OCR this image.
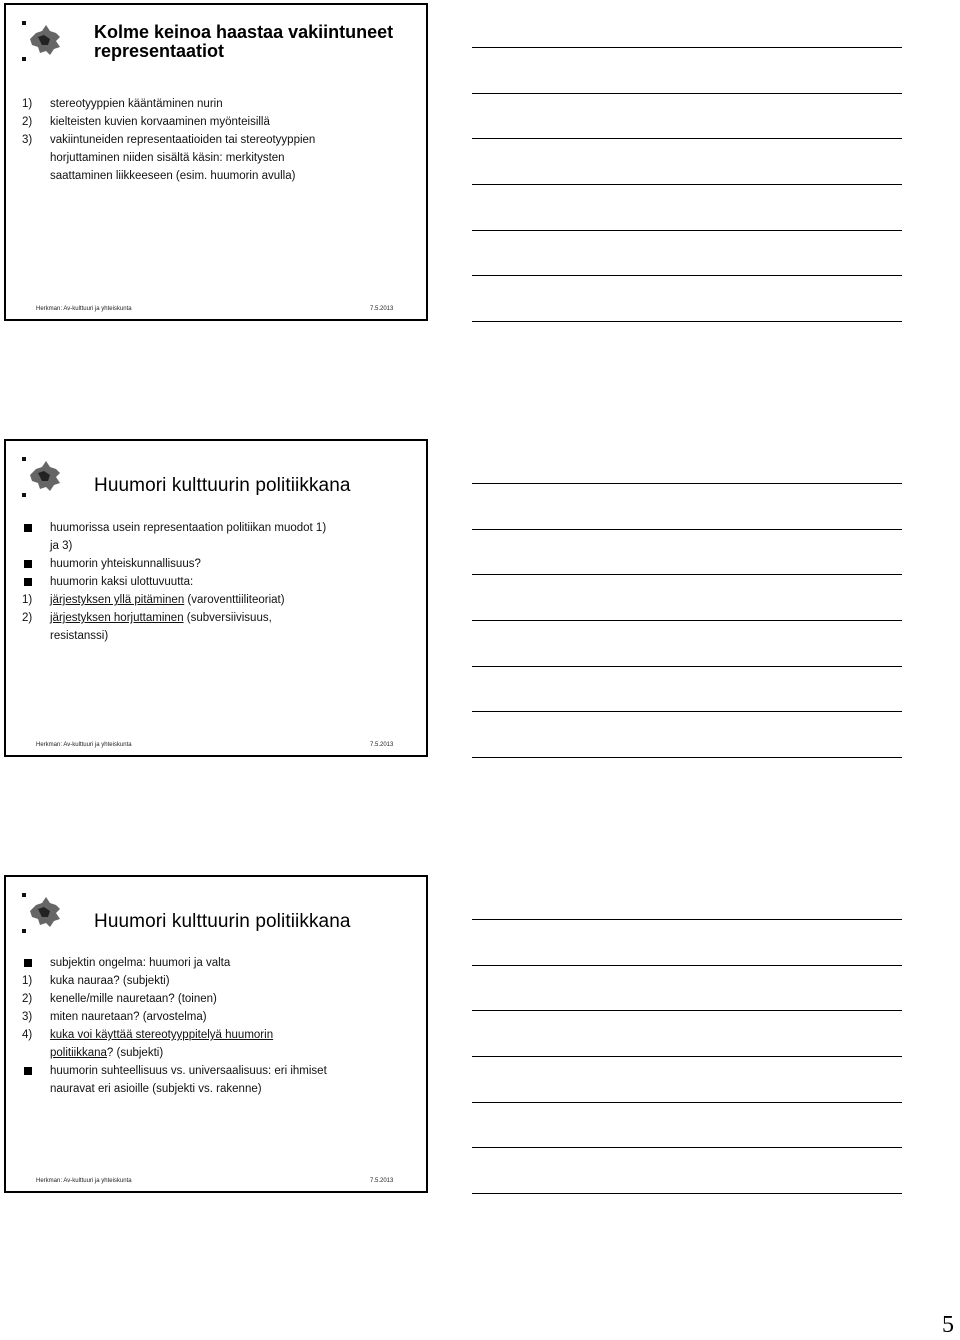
Kolme keinoa haastaa vakiintuneet representaatiot
1)	stereotyyppien kääntäminen nurin
2)	kielteisten kuvien korvaaminen myönteisillä
3)	vakiintuneiden representaatioiden tai stereotyyppien
horjuttaminen niiden sisältä käsin: merkitysten
saattaminen liikkeeseen (esim. huumorin avulla)
Herkman: Av-kulttuuri ja yhteiskunta	7.5.2013
Huumori kulttuurin politiikkana
huumorissa usein representaation politiikan muodot 1)
ja 3)
huumorin yhteiskunnallisuus?
huumorin kaksi ulottuvuutta:
1)	järjestyksen yllä pitäminen (varoventtiiliteoriat)
2)	järjestyksen horjuttaminen (subversiivisuus,
resistanssi)
Herkman: Av-kulttuuri ja yhteiskunta	7.5.2013
Huumori kulttuurin politiikkana
subjektin ongelma: huumori ja valta
1)	kuka nauraa? (subjekti)
2)	kenelle/mille nauretaan? (toinen)
3)	miten nauretaan? (arvostelma)
4)	kuka voi käyttää stereotyyppitelyä huumorin
politiikkana? (subjekti)
huumorin suhteellisuus vs. universaalisuus: eri ihmiset
nauravat eri asioille (subjekti vs. rakenne)
Herkman: Av-kulttuuri ja yhteiskunta	7.5.2013
5
